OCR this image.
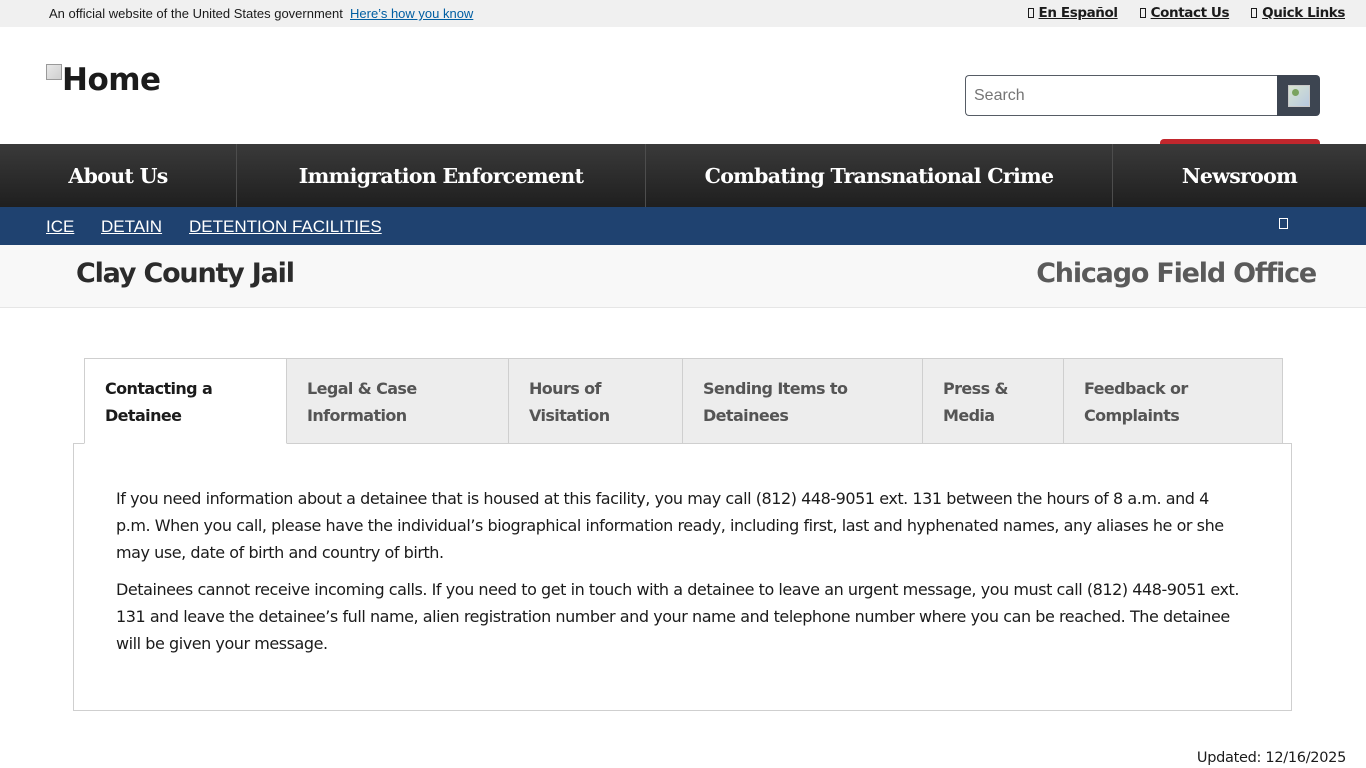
An official website of the United States government Here’s how you know	En Español	Contact Us	Quick Links
Home
Search
About Us	Immigration Enforcement	Combating Transnational Crime	Newsroom
ICE DETAIN DETENTION FACILITIES
Clay County Jail	Chicago Field Office
Contacting a
Detainee
Legal & Case
Information
Hours of
Visitation
Sending Items to
Detainees
Press &
Media
Feedback or
Complaints

If you need information about a detainee that is housed at this facility, you may call (812) 448-9051 ext. 131 between the hours of 8 a.m. and 4 p.m. When you call, please have the individual’s biographical information ready, including first, last and hyphenated names, any aliases he or she may use, date of birth and country of birth.

Detainees cannot receive incoming calls. If you need to get in touch with a detainee to leave an urgent message, you must call (812) 448-9051 ext. 131 and leave the detainee’s full name, alien registration number and your name and telephone number where you can be reached. The detainee will be given your message.

Updated: 12/16/2025
